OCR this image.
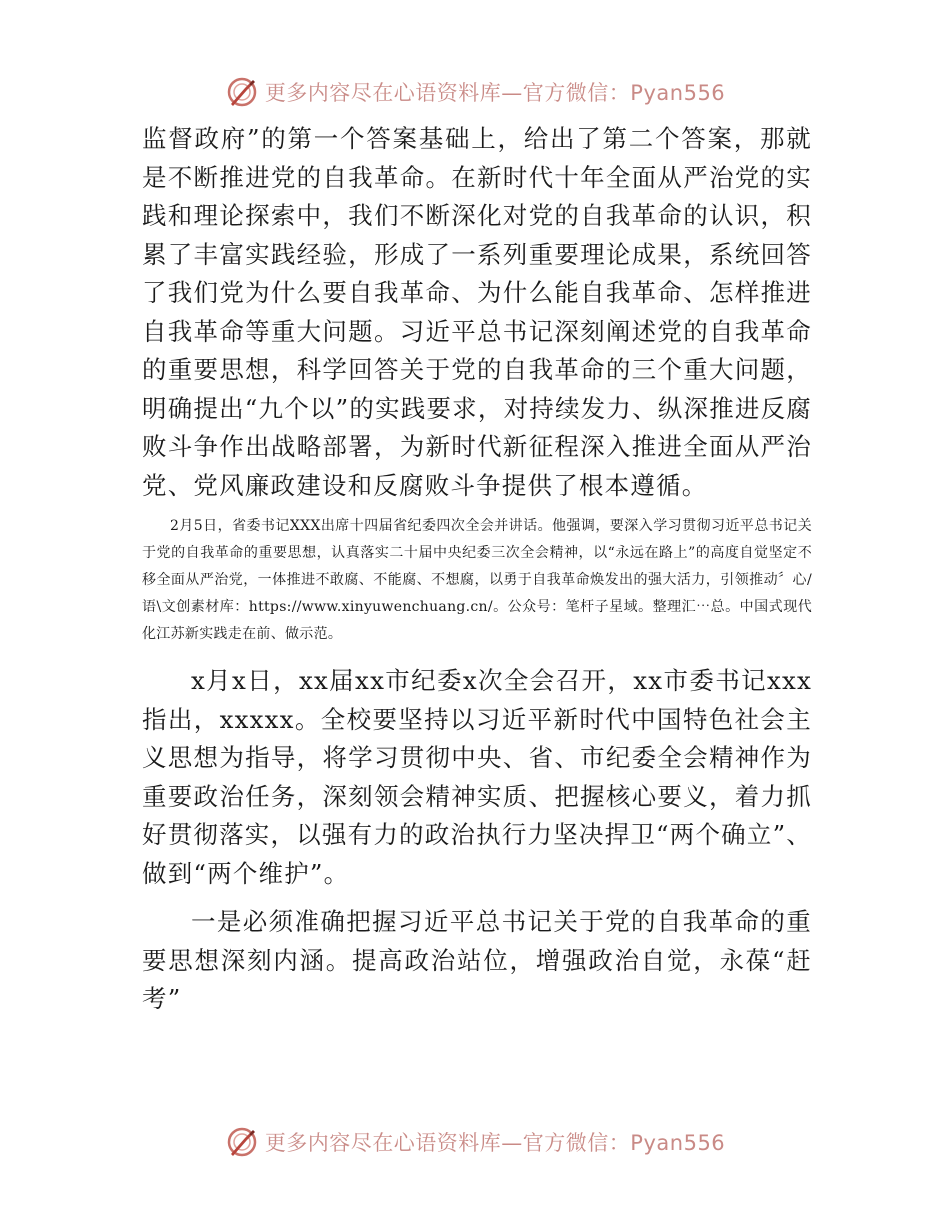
更多内容尽在心语资料库—官方微信：Pyan556

监督政府”的第一个答案基础上，给出了第二个答案，那就是不断推进党的自我革命。在新时代十年全面从严治党的实践和理论探索中，我们不断深化对党的自我革命的认识，积累了丰富实践经验，形成了一系列重要理论成果，系统回答了我们党为什么要自我革命、为什么能自我革命、怎样推进自我革命等重大问题。习近平总书记深刻阐述党的自我革命的重要思想，科学回答关于党的自我革命的三个重大问题，明确提出“九个以”的实践要求，对持续发力、纵深推进反腐败斗争作出战略部署，为新时代新征程深入推进全面从严治党、党风廉政建设和反腐败斗争提供了根本遵循。

2月5日，省委书记XXX出席十四届省纪委四次全会并讲话。他强调，要深入学习贯彻习近平总书记关于党的自我革命的重要思想，认真落实二十届中央纪委三次全会精神，以“永远在路上”的高度自觉坚定不移全面从严治党，一体推进不敢腐、不能腐、不想腐，以勇于自我革命焕发出的强大活力，引领推动〞心/语\文创素材库：https://www.xinyuwenchuang.cn/。公众号：笔杆子星域。整理汇⋯总。中国式现代化江苏新实践走在前、做示范。

x月x日，xx届xx市纪委x次全会召开，xx市委书记xxx指出，xxxxx。全校要坚持以习近平新时代中国特色社会主义思想为指导，将学习贯彻中央、省、市纪委全会精神作为重要政治任务，深刻领会精神实质、把握核心要义，着力抓好贯彻落实，以强有力的政治执行力坚决捍卫“两个确立”、做到“两个维护”。

一是必须准确把握习近平总书记关于党的自我革命的重要思想深刻内涵。提高政治站位，增强政治自觉，永葆“赶考”

更多内容尽在心语资料库—官方微信：Pyan556
